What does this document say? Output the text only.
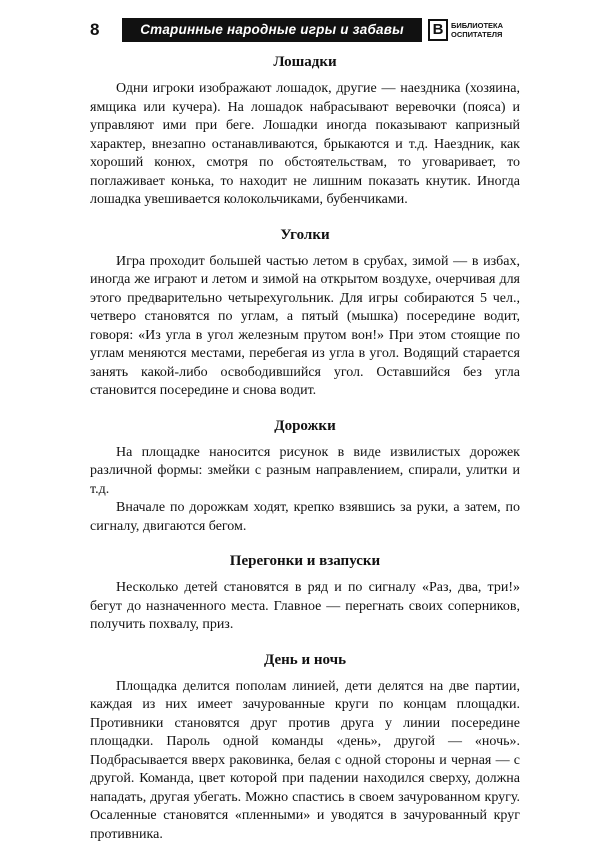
8	Старинные народные игры и забавы	B	БИБЛИОТЕКА
ОСПИТАТЕЛЯ
Лошадки

Одни игроки изображают лошадок, другие — наездника (хозяина, ямщика или кучера). На лошадок набрасывают веревочки (пояса) и управляют ими при беге. Лошадки иногда показывают капризный характер, внезапно останавливаются, брыкаются и т.д. Наездник, как хороший конюх, смотря по обстоятельствам, то уговаривает, то поглаживает конька, то находит не лишним показать кнутик. Иногда лошадка увешивается колокольчиками, бубенчиками.

Уголки

Игра проходит большей частью летом в срубах, зимой — в избах, иногда же играют и летом и зимой на открытом воздухе, очерчивая для этого предварительно четырехугольник. Для игры собираются 5 чел., четверо становятся по углам, а пятый (мышка) посередине водит, говоря: «Из угла в угол железным прутом вон!» При этом стоящие по углам меняются местами, перебегая из угла в угол. Водящий старается занять какой-либо освободившийся угол. Оставшийся без угла становится посередине и снова водит.

Дорожки

На площадке наносится рисунок в виде извилистых дорожек различной формы: змейки с разным направлением, спирали, улитки и т.д.

Вначале по дорожкам ходят, крепко взявшись за руки, а затем, по сигналу, двигаются бегом.

Перегонки и взапуски

Несколько детей становятся в ряд и по сигналу «Раз, два, три!» бегут до назначенного места. Главное — перегнать своих соперников, получить похвалу, приз.

День и ночь

Площадка делится пополам линией, дети делятся на две партии, каждая из них имеет зачурованные круги по концам площадки. Противники становятся друг против друга у линии посередине площадки. Пароль одной команды «день», другой — «ночь». Подбрасывается вверх раковинка, белая с одной стороны и черная — с другой. Команда, цвет которой при падении находился сверху, должна нападать, другая убегать. Можно спастись в своем зачурованном кругу. Осаленные становятся «пленными» и уводятся в зачурованный круг противника.
